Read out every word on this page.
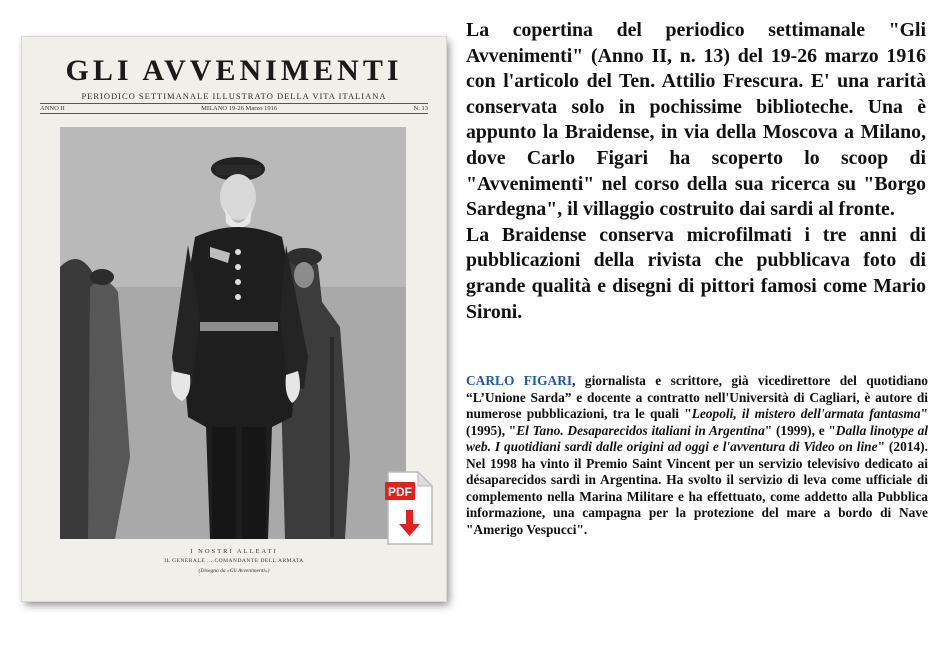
GLI AVVENIMENTI
PERIODICO SETTIMANALE ILLUSTRATO DELLA VITA ITALIANA
ANNO II	MILANO 19-26 Marzo 1916	N. 13
I NOSTRI ALLEATI
IL GENERALE ... COMANDANTE DELL'ARMATA
(Disegno da «Gli Avvenimenti»)
PDF

La copertina del periodico settimanale "Gli Avvenimenti" (Anno II, n. 13) del 19-26 marzo 1916 con l'articolo del Ten. Attilio Frescura. E' una rarità conservata solo in pochissime biblioteche. Una è appunto la Braidense, in via della Moscova a Milano, dove Carlo Figari ha scoperto lo scoop di "Avvenimenti" nel corso della sua ricerca su "Borgo Sardegna", il villaggio costruito dai sardi al fronte.

La Braidense conserva microfilmati i tre anni di pubblicazioni della rivista che pubblicava foto di grande qualità e disegni di pittori famosi come Mario Sironi.

CARLO FIGARI, giornalista e scrittore, già vicedirettore del quotidiano “L’Unione Sarda” e docente a contratto nell'Università di Cagliari, è autore di numerose pubblicazioni, tra le quali "Leopoli, il mistero dell'armata fantasma" (1995), "El Tano. Desaparecidos italiani in Argentina" (1999), e "Dalla linotype al web. I quotidiani sardi dalle origini ad oggi e l'avventura di Video on line" (2014). Nel 1998 ha vinto il Premio Saint Vincent per un servizio televisivo dedicato ai désaparecidos sardi in Argentina. Ha svolto il servizio di leva come ufficiale di complemento nella Marina Militare e ha effettuato, come addetto alla Pubblica informazione, una campagna per la protezione del mare a bordo di Nave "Amerigo Vespucci".
